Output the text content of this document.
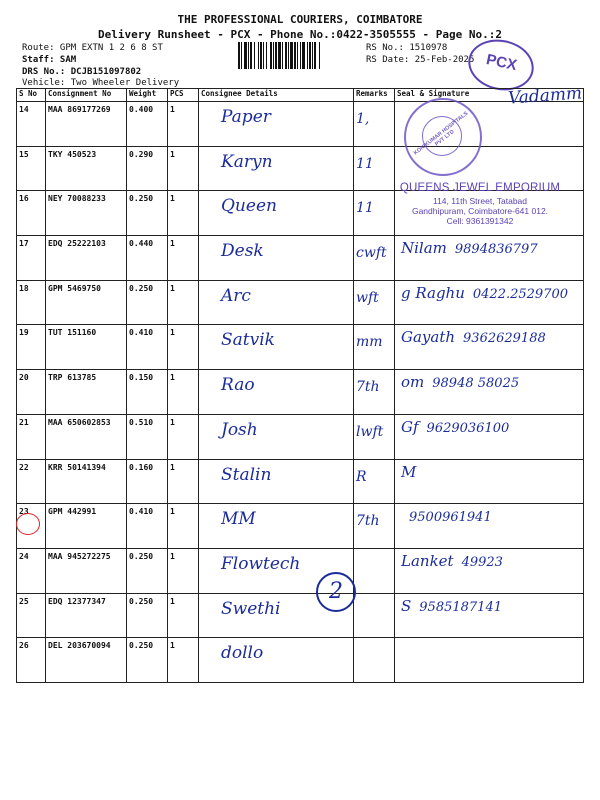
THE PROFESSIONAL COURIERS, COIMBATORE
Delivery Runsheet - PCX - Phone No.:0422-3505555 - Page No.:2
Route: GPM EXTN 1 2 6 8 ST
Staff: SAM
DRS No.: DCJB151097802
Vehicle: Two Wheeler Delivery
RS No.: 1510978
RS Date: 25-Feb-2025 PCX
S No	Consignment No	Weight	PCS	Consignee Details	Remarks	Seal & Signature
14	MAA 869177269	0.400	1	Paper	1,	

15	TKY 450523	0.290	1	Karyn	11	

16	NEY 70088233	0.250	1	Queen	11	

17	EDQ 25222103	0.440	1	Desk	cwft	Nilam 9894836797
18	GPM 5469750	0.250	1	Arc	wft	g Raghu 0422.2529700
19	TUT 151160	0.410	1	Satvik	mm	Gayath 9362629188
20	TRP 613785	0.150	1	Rao	7th	om 98948 58025
21	MAA 650602853	0.510	1	Josh	lwft	Gf 9629036100
22	KRR 50141394	0.160	1	Stalin	R	M
23	GPM 442991	0.410	1	MM	7th	9500961941
24	MAA 945272275	0.250	1	Flowtech		Lanket 49923
25	EDQ 12377347	0.250	1	Swethi		S 9585187141
26	DEL 203670094	0.250	1	dollo		

Vadamm
KONIKUMAR HOSPITALS PVT LTD
QUEENS JEWEL EMPORIUM
114, 11th Street, Tatabad
Gandhipuram, Coimbatore-641 012.
Cell: 9361391342
2
